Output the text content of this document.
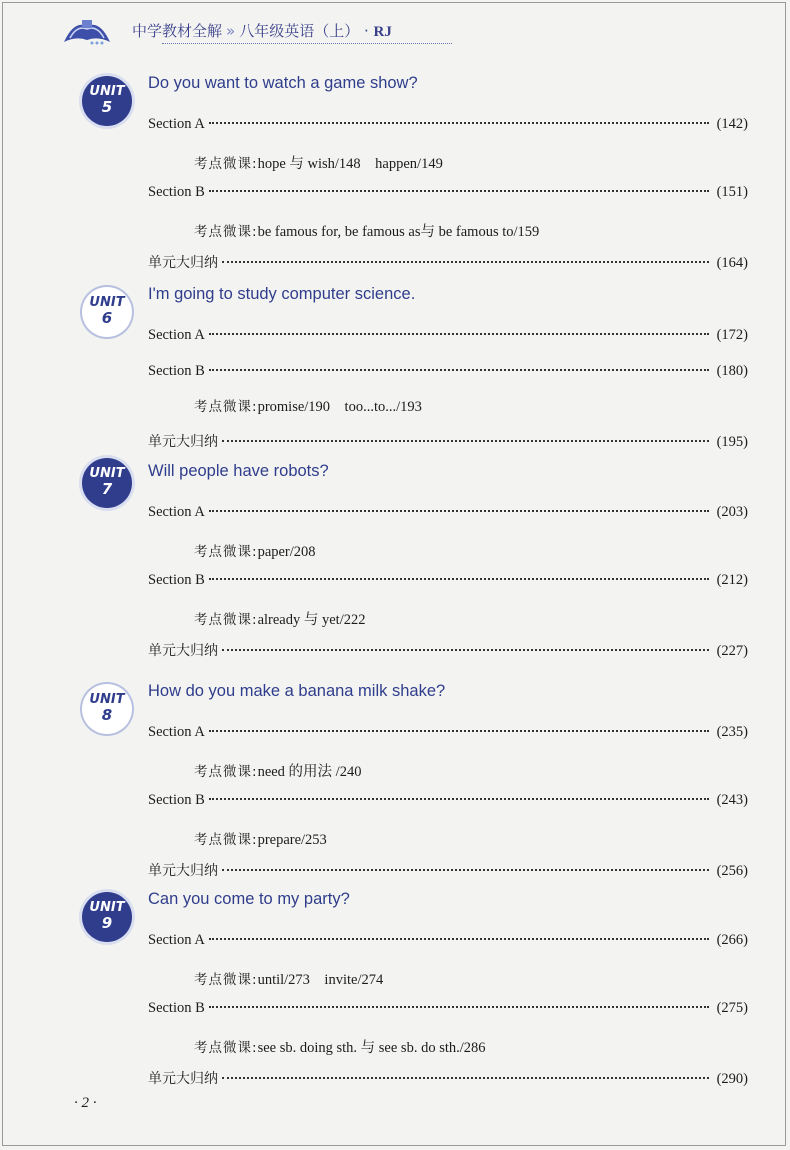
中学教材全解 » 八年级英语（上） · RJ
UNIT
5
Do you want to watch a game show?
Section A	(142)
考点微课:hope 与 wish/148    happen/149
Section B	(151)
考点微课:be famous for, be famous as与 be famous to/159
单元大归纳	(164)
UNIT
6
I'm going to study computer science.
Section A	(172)
Section B	(180)
考点微课:promise/190    too...to.../193
单元大归纳	(195)
UNIT
7
Will people have robots?
Section A	(203)
考点微课:paper/208
Section B	(212)
考点微课:already 与 yet/222
单元大归纳	(227)
UNIT
8
How do you make a banana milk shake?
Section A	(235)
考点微课:need 的用法 /240
Section B	(243)
考点微课:prepare/253
单元大归纳	(256)
UNIT
9
Can you come to my party?
Section A	(266)
考点微课:until/273    invite/274
Section B	(275)
考点微课:see sb. doing sth. 与 see sb. do sth./286
单元大归纳	(290)
· 2 ·
